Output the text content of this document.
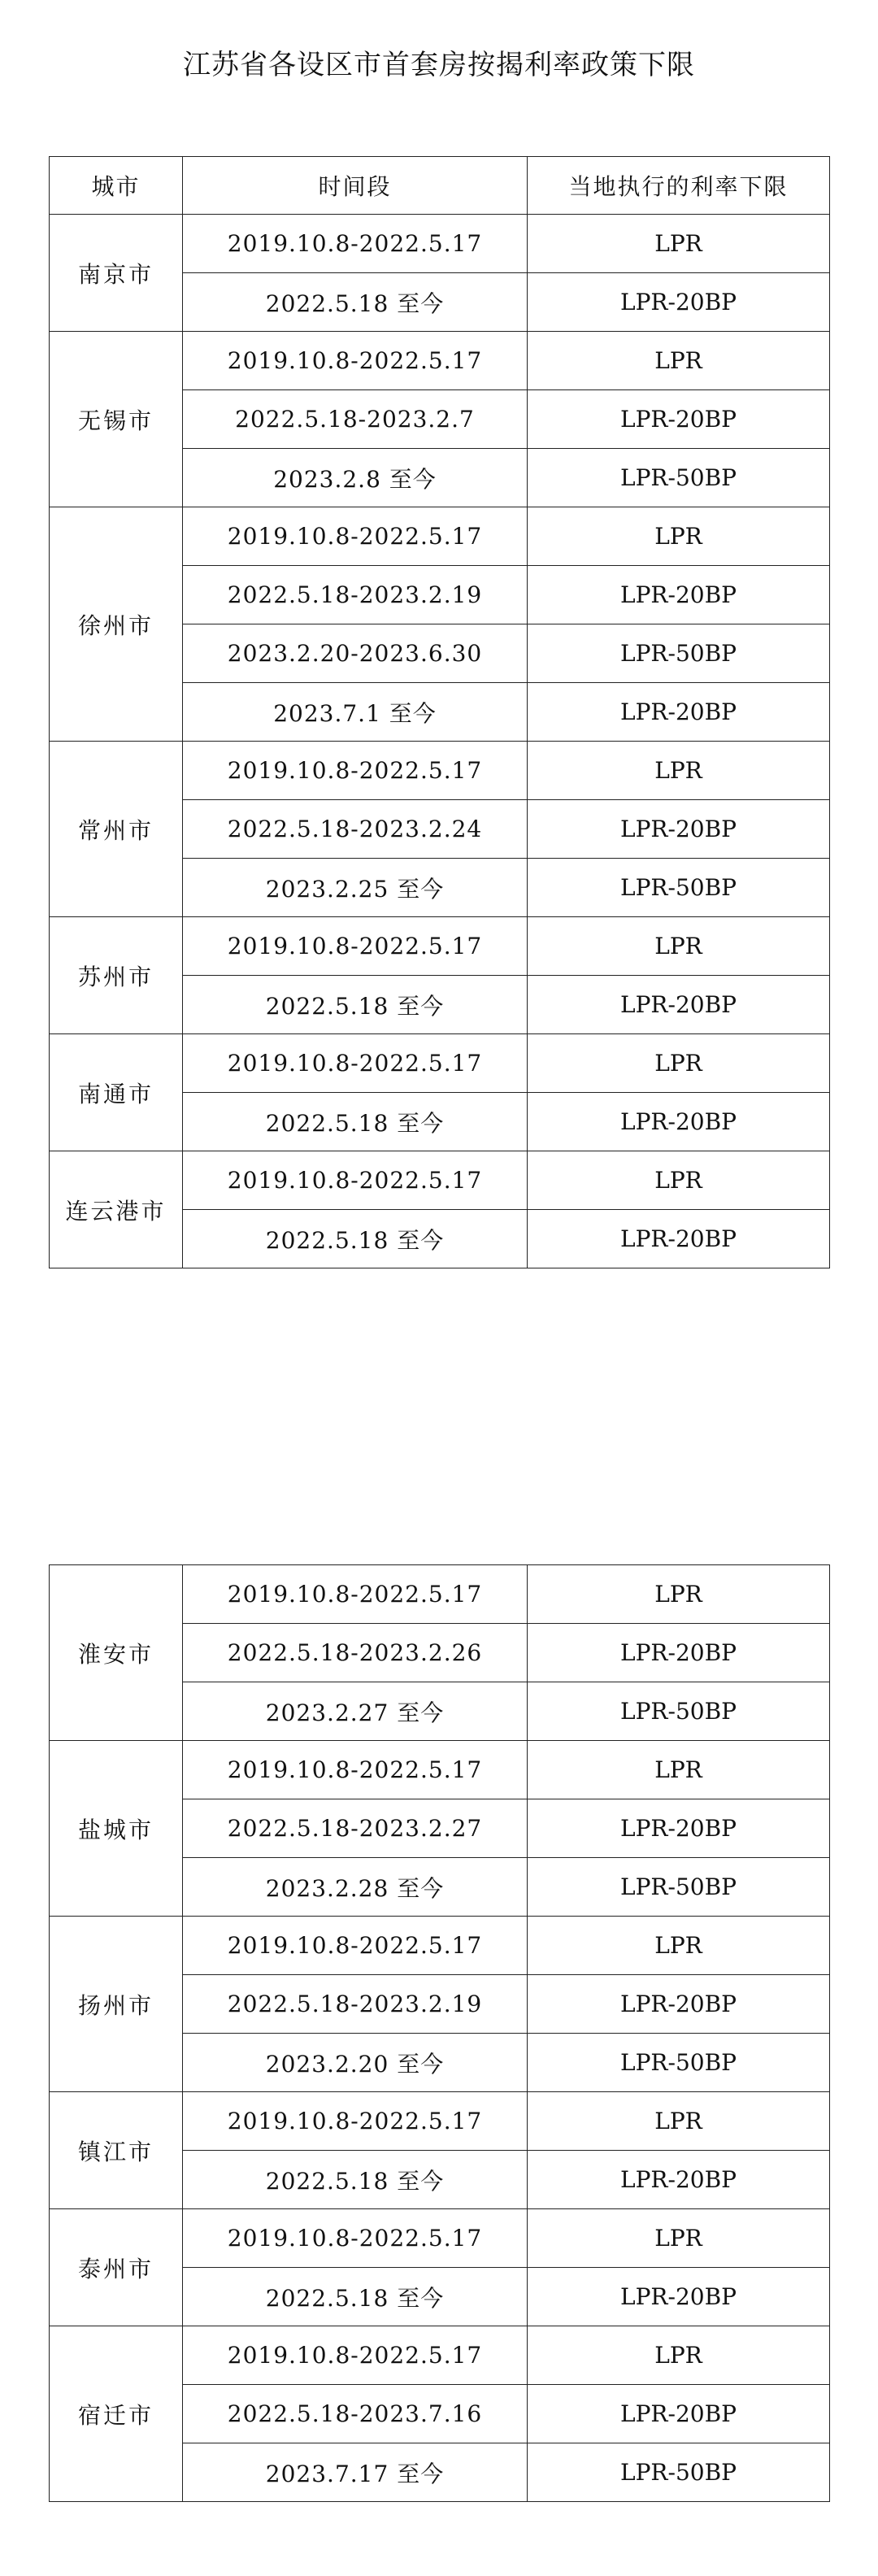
江苏省各设区市首套房按揭利率政策下限
城市	时间段	当地执行的利率下限
南京市	2019.10.8-2022.5.17	LPR
	2022.5.18 至今	LPR-20BP
无锡市	2019.10.8-2022.5.17	LPR
	2022.5.18-2023.2.7	LPR-20BP
	2023.2.8 至今	LPR-50BP
徐州市	2019.10.8-2022.5.17	LPR
	2022.5.18-2023.2.19	LPR-20BP
	2023.2.20-2023.6.30	LPR-50BP
	2023.7.1 至今	LPR-20BP
常州市	2019.10.8-2022.5.17	LPR
	2022.5.18-2023.2.24	LPR-20BP
	2023.2.25 至今	LPR-50BP
苏州市	2019.10.8-2022.5.17	LPR
	2022.5.18 至今	LPR-20BP
南通市	2019.10.8-2022.5.17	LPR
	2022.5.18 至今	LPR-20BP
连云港市	2019.10.8-2022.5.17	LPR
	2022.5.18 至今	LPR-20BP
淮安市	2019.10.8-2022.5.17	LPR
	2022.5.18-2023.2.26	LPR-20BP
	2023.2.27 至今	LPR-50BP
盐城市	2019.10.8-2022.5.17	LPR
	2022.5.18-2023.2.27	LPR-20BP
	2023.2.28 至今	LPR-50BP
扬州市	2019.10.8-2022.5.17	LPR
	2022.5.18-2023.2.19	LPR-20BP
	2023.2.20 至今	LPR-50BP
镇江市	2019.10.8-2022.5.17	LPR
	2022.5.18 至今	LPR-20BP
泰州市	2019.10.8-2022.5.17	LPR
	2022.5.18 至今	LPR-20BP
宿迁市	2019.10.8-2022.5.17	LPR
	2022.5.18-2023.7.16	LPR-20BP
	2023.7.17 至今	LPR-50BP
